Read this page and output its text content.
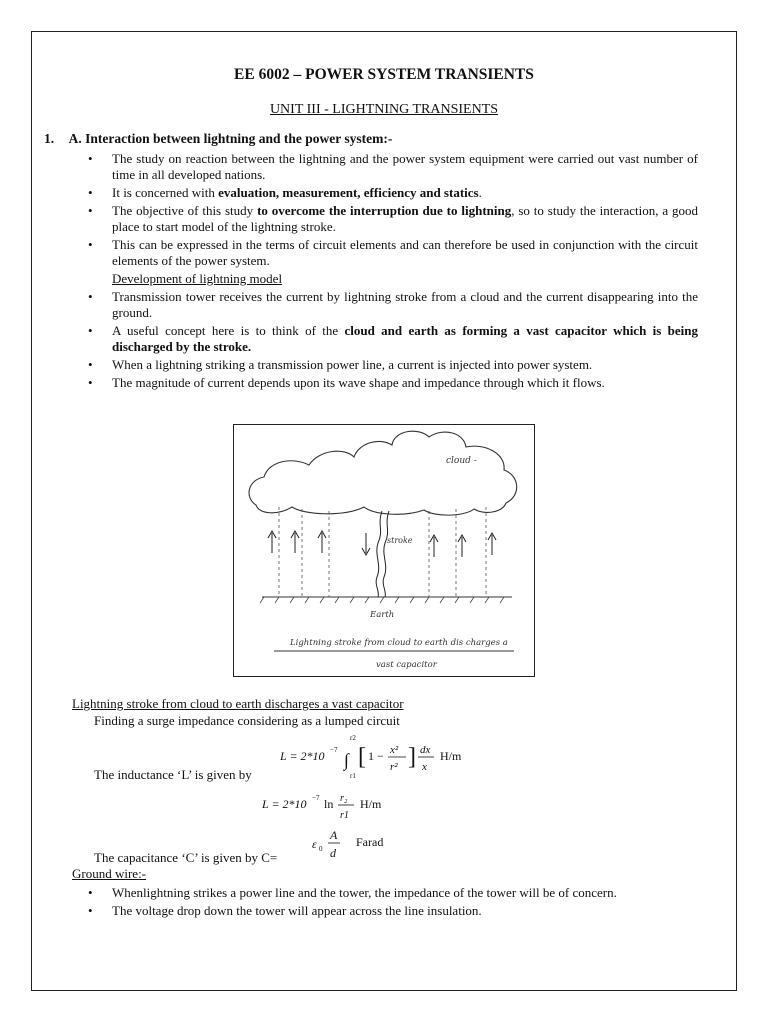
EE 6002 – POWER SYSTEM TRANSIENTS
UNIT III - LIGHTNING TRANSIENTS
1. A. Interaction between lightning and the power system:-
• The study on reaction between the lightning and the power system equipment were carried out vast number of time in all developed nations.
• It is concerned with evaluation, measurement, efficiency and statics.
• The objective of this study to overcome the interruption due to lightning, so to study the interaction, a good place to start model of the lightning stroke.
• This can be expressed in the terms of circuit elements and can therefore be used in conjunction with the circuit elements of the power system.
Development of lightning model
• Transmission tower receives the current by lightning stroke from a cloud and the current disappearing into the ground.
• A useful concept here is to think of the cloud and earth as forming a vast capacitor which is being discharged by the stroke.
• When a lightning striking a transmission power line, a current is injected into power system.
• The magnitude of current depends upon its wave shape and impedance through which it flows.
cloud -
stroke
Earth
Lightning stroke from cloud to earth dis charges a
vast capacitor
Lightning stroke from cloud to earth discharges a vast capacitor
Finding a surge impedance considering as a lumped circuit
L = 2*10 −7 ∫
r2
r1
[ 1 − x²
r² ] dx
x
H/m
The inductance ‘L’ is given by
L = 2*10 −7 ln r₂
r1
H/m
ε 0
A
d
Farad
The capacitance ‘C’ is given by C=
Ground wire:-
• Whenlightning strikes a power line and the tower, the impedance of the tower will be of concern.
• The voltage drop down the tower will appear across the line insulation.
